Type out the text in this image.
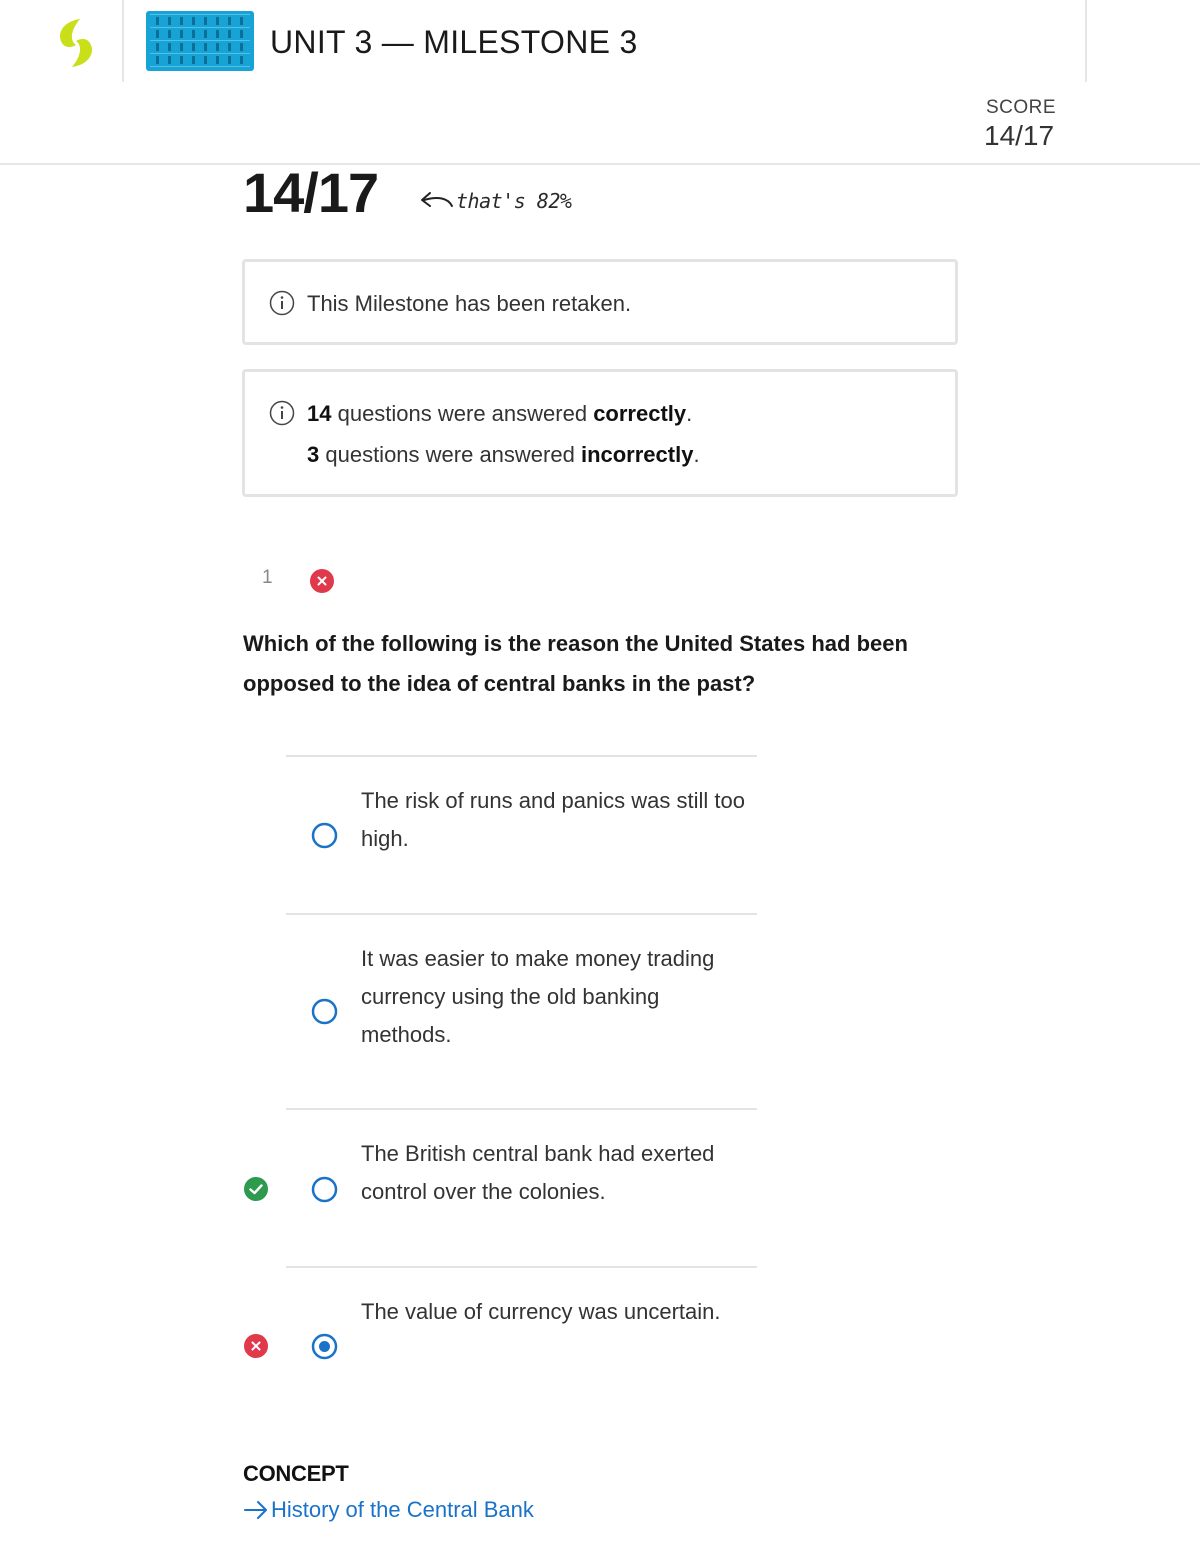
UNIT 3 — MILESTONE 3
SCORE
14/17
14/17	that's 82%
This Milestone has been retaken.
14 questions were answered correctly.
3 questions were answered incorrectly.
1
Which of the following is the reason the United States had been opposed to the idea of central banks in the past?
The risk of runs and panics was still too high.
It was easier to make money trading currency using the old banking methods.
The British central bank had exerted control over the colonies.
The value of currency was uncertain.
CONCEPT
History of the Central Bank
